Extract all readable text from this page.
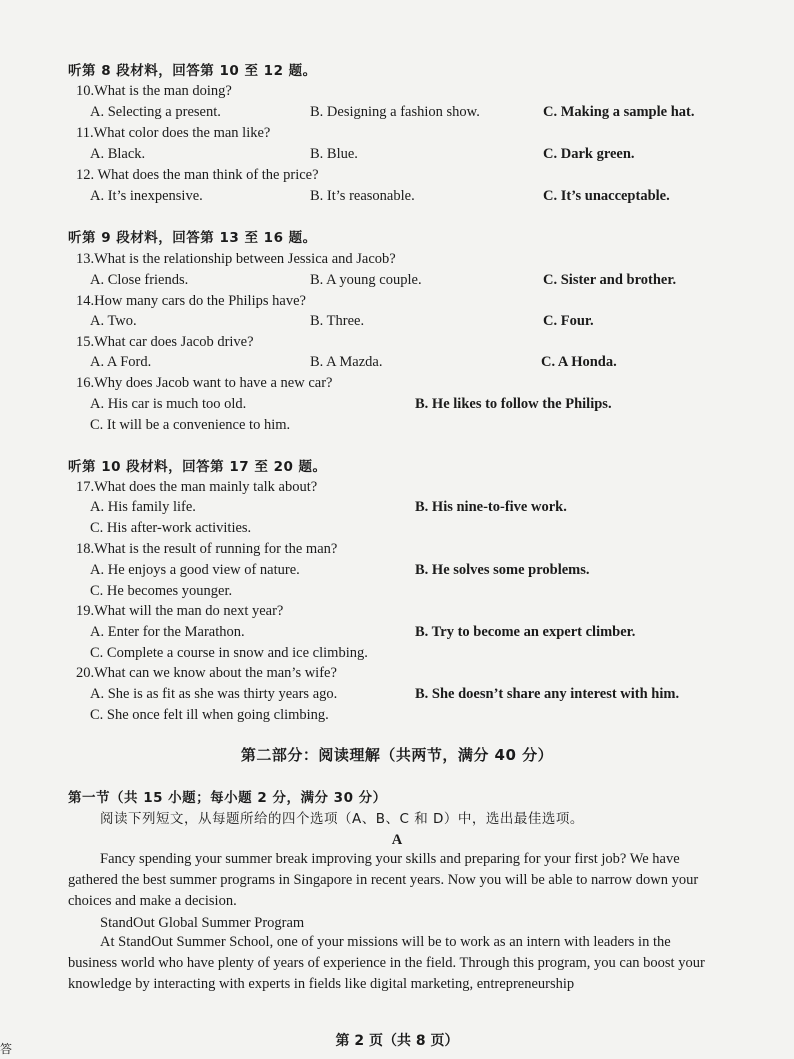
听第 8 段材料，回答第 10 至 12 题。
10.What is the man doing?
A. Selecting a present.	B. Designing a fashion show.	C. Making a sample hat.
11.What color does the man like?
A. Black.	B. Blue.	C. Dark green.
12. What does the man think of the price?
A. It’s inexpensive.	B. It’s reasonable.	C. It’s unacceptable.
听第 9 段材料，回答第 13 至 16 题。
13.What is the relationship between Jessica and Jacob?
A. Close friends.	B. A young couple.	C. Sister and brother.
14.How many cars do the Philips have?
A. Two.	B. Three.	C. Four.
15.What car does Jacob drive?
A. A Ford.	B. A Mazda.	C. A Honda.
16.Why does Jacob want to have a new car?
A. His car is much too old.	B. He likes to follow the Philips.
C. It will be a convenience to him.
听第 10 段材料，回答第 17 至 20 题。
17.What does the man mainly talk about?
A. His family life.	B. His nine-to-five work.
C. His after-work activities.
18.What is the result of running for the man?
A. He enjoys a good view of nature.	B. He solves some problems.
C. He becomes younger.
19.What will the man do next year?
A. Enter for the Marathon.	B. Try to become an expert climber.
C. Complete a course in snow and ice climbing.
20.What can we know about the man’s wife?
A. She is as fit as she was thirty years ago.	B. She doesn’t share any interest with him.
C. She once felt ill when going climbing.
第二部分：阅读理解（共两节，满分 40 分）
第一节（共 15 小题；每小题 2 分，满分 30 分）
阅读下列短文，从每题所给的四个选项（A、B、C 和 D）中，选出最佳选项。
A
Fancy spending your summer break improving your skills and preparing for your first job? We have gathered the best summer programs in Singapore in recent years. Now you will be able to narrow down your choices and make a decision.
StandOut Global Summer Program
At StandOut Summer School, one of your missions will be to work as an intern with leaders in the business world who have plenty of years of experience in the field. Through this program, you can boost your knowledge by interacting with experts in fields like digital marketing, entrepreneurship
答	第 2 页（共 8 页）
